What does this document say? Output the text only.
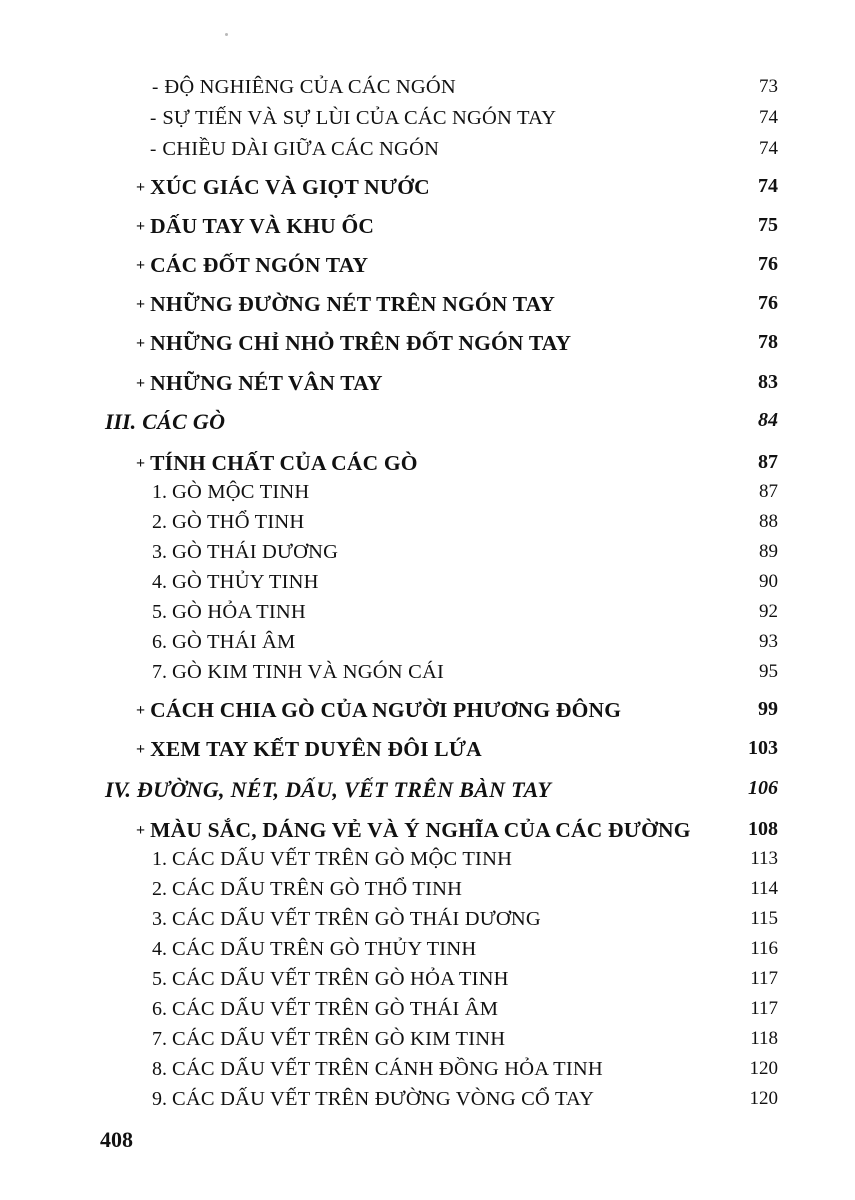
- ĐỘ NGHIÊNG CỦA CÁC NGÓN	73
- SỰ TIẾN VÀ SỰ LÙI CỦA CÁC NGÓN TAY	74
- CHIỀU DÀI GIỮA CÁC NGÓN	74
+ XÚC GIÁC VÀ GIỌT NƯỚC	74
+ DẤU TAY VÀ KHU ỐC	75
+ CÁC ĐỐT NGÓN TAY	76
+ NHỮNG ĐƯỜNG NÉT TRÊN NGÓN TAY	76
+ NHỮNG CHỈ NHỎ TRÊN ĐỐT NGÓN TAY	78
+ NHỮNG NÉT VÂN TAY	83
III. CÁC GÒ	84
+ TÍNH CHẤT CỦA CÁC GÒ	87
1. GÒ MỘC TINH	87
2. GÒ THỔ TINH	88
3. GÒ THÁI DƯƠNG	89
4. GÒ THỦY TINH	90
5. GÒ HỎA TINH	92
6. GÒ THÁI ÂM	93
7. GÒ KIM TINH VÀ NGÓN CÁI	95
+ CÁCH CHIA GÒ CỦA NGƯỜI PHƯƠNG ĐÔNG	99
+ XEM TAY KẾT DUYÊN ĐÔI LỨA	103
IV. ĐƯỜNG, NÉT, DẤU, VẾT TRÊN BÀN TAY	106
+ MÀU SẮC, DÁNG VẺ VÀ Ý NGHĨA CỦA CÁC ĐƯỜNG	108
1. CÁC DẤU VẾT TRÊN GÒ MỘC TINH	113
2. CÁC DẤU TRÊN GÒ THỔ TINH	114
3. CÁC DẤU VẾT TRÊN GÒ THÁI DƯƠNG	115
4. CÁC DẤU TRÊN GÒ THỦY TINH	116
5. CÁC DẤU VẾT TRÊN GÒ HỎA TINH	117
6. CÁC DẤU VẾT TRÊN GÒ THÁI ÂM	117
7. CÁC DẤU VẾT TRÊN GÒ KIM TINH	118
8. CÁC DẤU VẾT TRÊN CÁNH ĐỒNG HỎA TINH	120
9. CÁC DẤU VẾT TRÊN ĐƯỜNG VÒNG CỔ TAY	120
408
